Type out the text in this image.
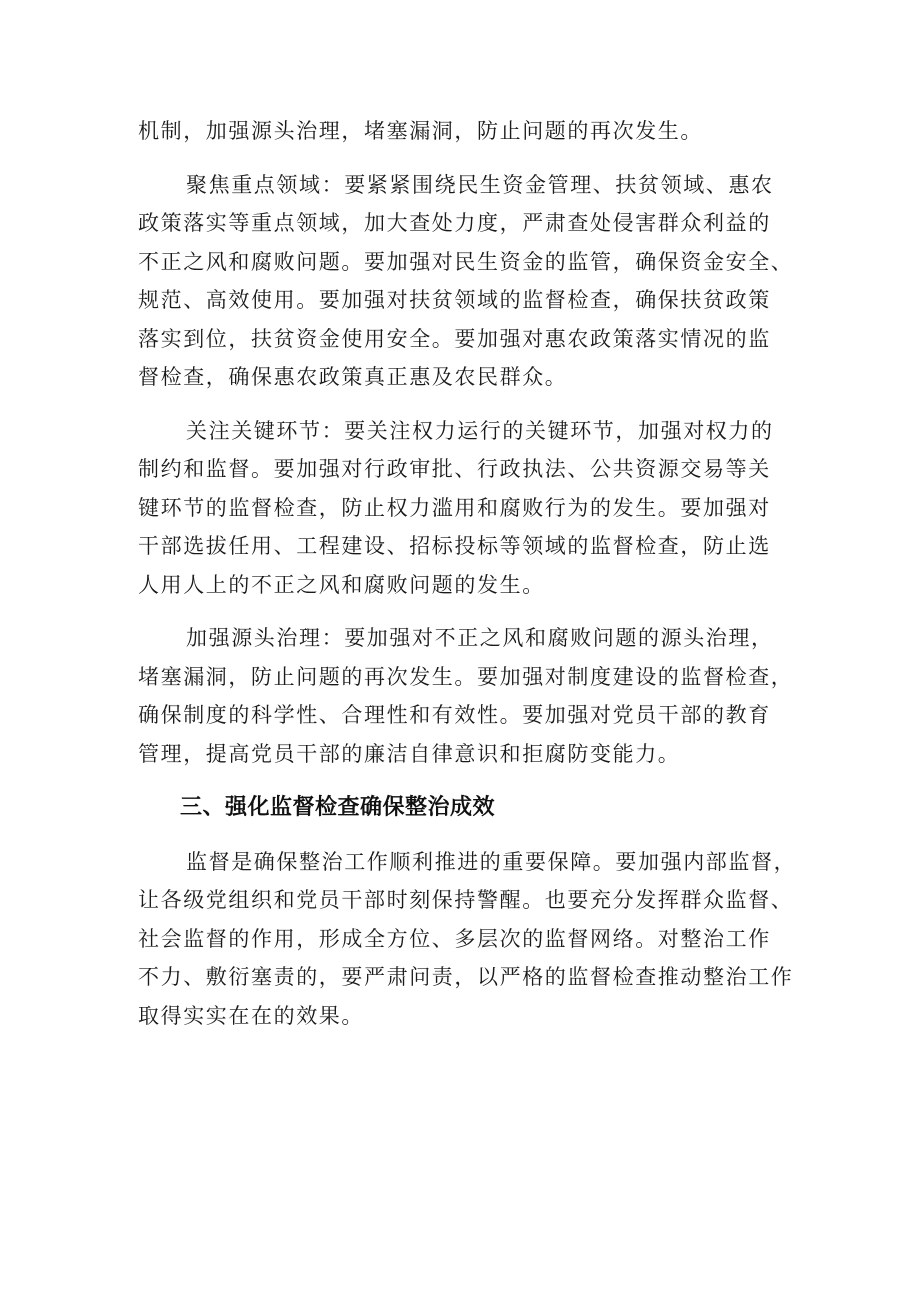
机制，加强源头治理，堵塞漏洞，防止问题的再次发生。

聚焦重点领域：要紧紧围绕民生资金管理、扶贫领域、惠农
政策落实等重点领域，加大查处力度，严肃查处侵害群众利益的
不正之风和腐败问题。要加强对民生资金的监管，确保资金安全、
规范、高效使用。要加强对扶贫领域的监督检查，确保扶贫政策
落实到位，扶贫资金使用安全。要加强对惠农政策落实情况的监
督检查，确保惠农政策真正惠及农民群众。

关注关键环节：要关注权力运行的关键环节，加强对权力的
制约和监督。要加强对行政审批、行政执法、公共资源交易等关
键环节的监督检查，防止权力滥用和腐败行为的发生。要加强对
干部选拔任用、工程建设、招标投标等领域的监督检查，防止选
人用人上的不正之风和腐败问题的发生。

加强源头治理：要加强对不正之风和腐败问题的源头治理，
堵塞漏洞，防止问题的再次发生。要加强对制度建设的监督检查，
确保制度的科学性、合理性和有效性。要加强对党员干部的教育
管理，提高党员干部的廉洁自律意识和拒腐防变能力。

三、强化监督检查确保整治成效

监督是确保整治工作顺利推进的重要保障。要加强内部监督，
让各级党组织和党员干部时刻保持警醒。也要充分发挥群众监督、
社会监督的作用，形成全方位、多层次的监督网络。对整治工作
不力、敷衍塞责的，要严肃问责，以严格的监督检查推动整治工作
取得实实在在的效果。
